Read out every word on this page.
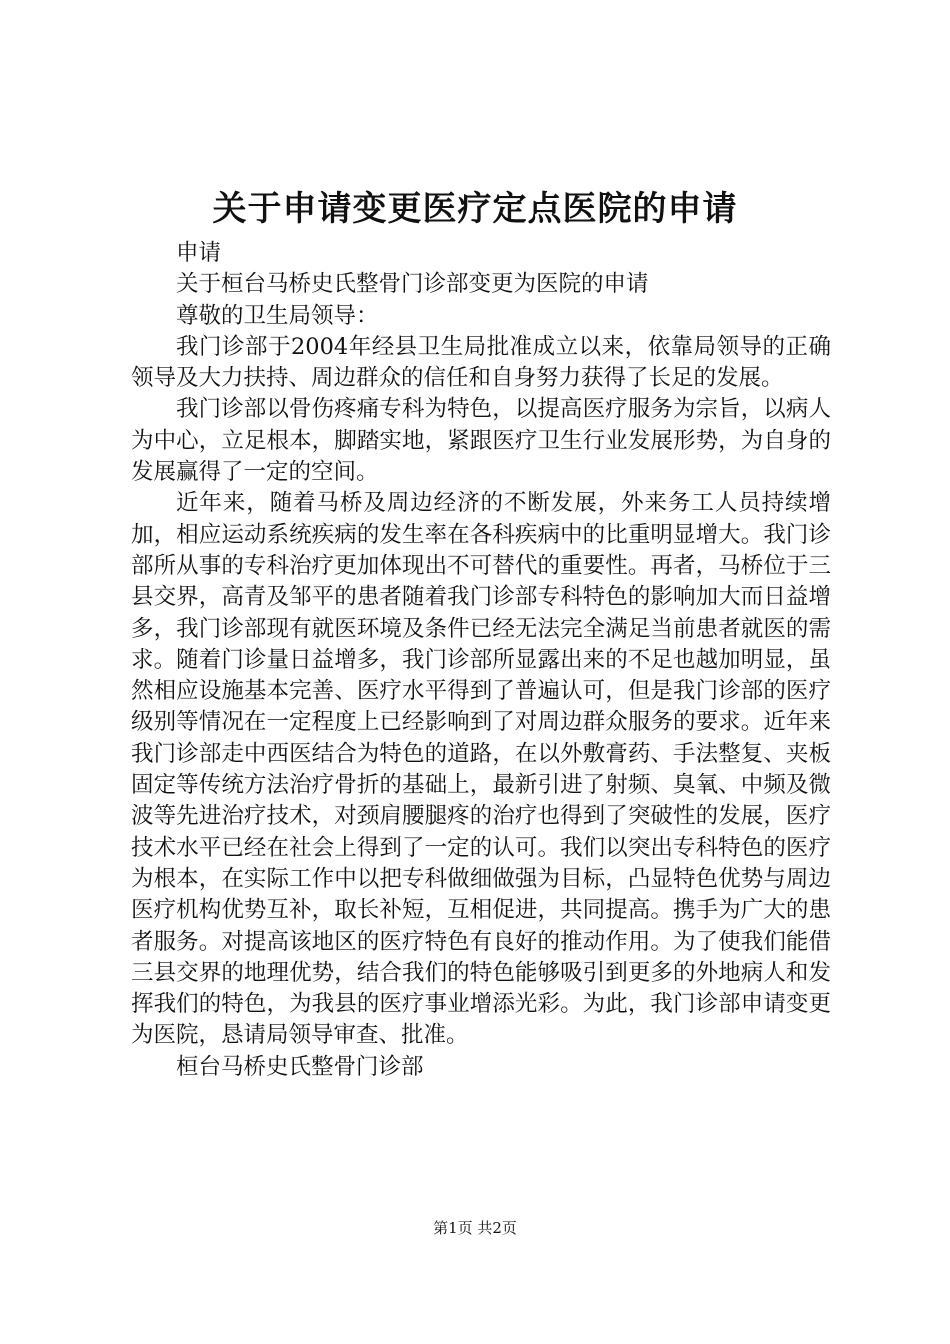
关于申请变更医疗定点医院的申请

申请

关于桓台马桥史氏整骨门诊部变更为医院的申请

尊敬的卫生局领导：

我门诊部于2004年经县卫生局批准成立以来，依靠局领导的正确领导及大力扶持、周边群众的信任和自身努力获得了长足的发展。

我门诊部以骨伤疼痛专科为特色，以提高医疗服务为宗旨，以病人为中心，立足根本，脚踏实地，紧跟医疗卫生行业发展形势，为自身的发展赢得了一定的空间。

近年来，随着马桥及周边经济的不断发展，外来务工人员持续增加，相应运动系统疾病的发生率在各科疾病中的比重明显增大。我门诊部所从事的专科治疗更加体现出不可替代的重要性。再者，马桥位于三县交界，高青及邹平的患者随着我门诊部专科特色的影响加大而日益增多，我门诊部现有就医环境及条件已经无法完全满足当前患者就医的需求。随着门诊量日益增多，我门诊部所显露出来的不足也越加明显，虽然相应设施基本完善、医疗水平得到了普遍认可，但是我门诊部的医疗级别等情况在一定程度上已经影响到了对周边群众服务的要求。近年来我门诊部走中西医结合为特色的道路，在以外敷膏药、手法整复、夹板固定等传统方法治疗骨折的基础上，最新引进了射频、臭氧、中频及微波等先进治疗技术，对颈肩腰腿疼的治疗也得到了突破性的发展，医疗技术水平已经在社会上得到了一定的认可。我们以突出专科特色的医疗为根本，在实际工作中以把专科做细做强为目标，凸显特色优势与周边医疗机构优势互补，取长补短，互相促进，共同提高。携手为广大的患者服务。对提高该地区的医疗特色有良好的推动作用。为了使我们能借三县交界的地理优势，结合我们的特色能够吸引到更多的外地病人和发挥我们的特色，为我县的医疗事业增添光彩。为此，我门诊部申请变更为医院，恳请局领导审查、批准。

桓台马桥史氏整骨门诊部

第1页 共2页
